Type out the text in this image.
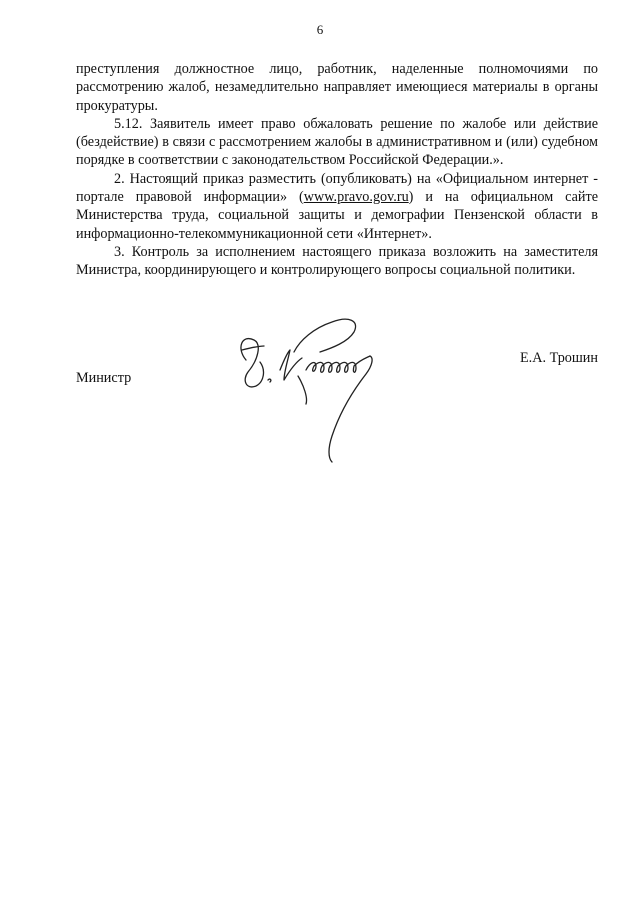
6

преступления должностное лицо, работник, наделенные полномочиями по рассмотрению жалоб, незамедлительно направляет имеющиеся материалы в органы прокуратуры.

5.12. Заявитель имеет право обжаловать решение по жалобе или действие (бездействие) в связи с рассмотрением жалобы в административном и (или) судебном порядке в соответствии с законодательством Российской Федерации.».

2. Настоящий приказ разместить (опубликовать) на «Официальном интернет - портале правовой информации» (www.pravo.gov.ru) и на официальном сайте Министерства труда, социальной защиты и демографии Пензенской области в информационно-телекоммуникационной сети «Интернет».

3. Контроль за исполнением настоящего приказа возложить на заместителя Министра, координирующего и контролирующего вопросы социальной политики.

Министр
Е.А. Трошин
